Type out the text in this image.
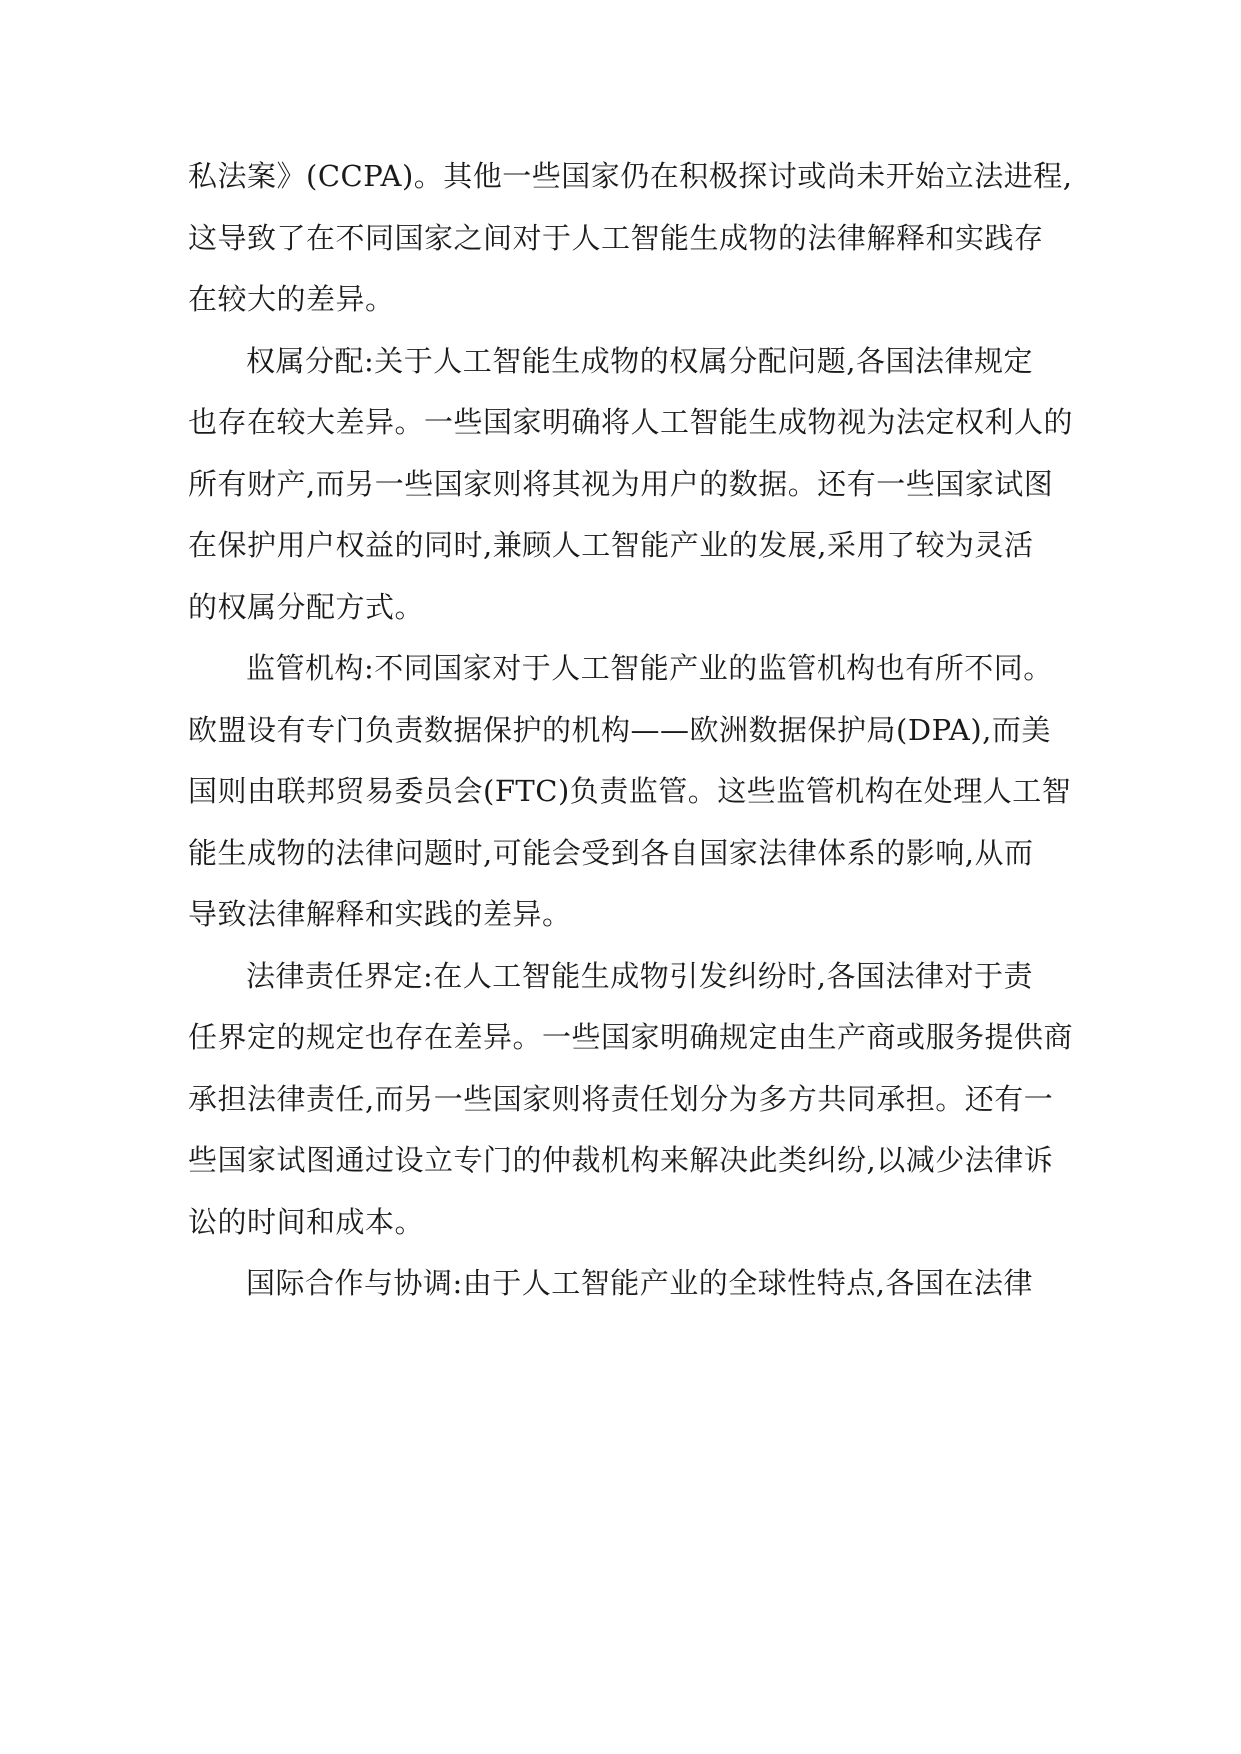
私法案》(CCPA)。其他一些国家仍在积极探讨或尚未开始立法进程,
这导致了在不同国家之间对于人工智能生成物的法律解释和实践存
在较大的差异。
权属分配:关于人工智能生成物的权属分配问题,各国法律规定
也存在较大差异。一些国家明确将人工智能生成物视为法定权利人的
所有财产,而另一些国家则将其视为用户的数据。还有一些国家试图
在保护用户权益的同时,兼顾人工智能产业的发展,采用了较为灵活
的权属分配方式。
监管机构:不同国家对于人工智能产业的监管机构也有所不同。
欧盟设有专门负责数据保护的机构——欧洲数据保护局(DPA),而美
国则由联邦贸易委员会(FTC)负责监管。这些监管机构在处理人工智
能生成物的法律问题时,可能会受到各自国家法律体系的影响,从而
导致法律解释和实践的差异。
法律责任界定:在人工智能生成物引发纠纷时,各国法律对于责
任界定的规定也存在差异。一些国家明确规定由生产商或服务提供商
承担法律责任,而另一些国家则将责任划分为多方共同承担。还有一
些国家试图通过设立专门的仲裁机构来解决此类纠纷,以减少法律诉
讼的时间和成本。
国际合作与协调:由于人工智能产业的全球性特点,各国在法律
